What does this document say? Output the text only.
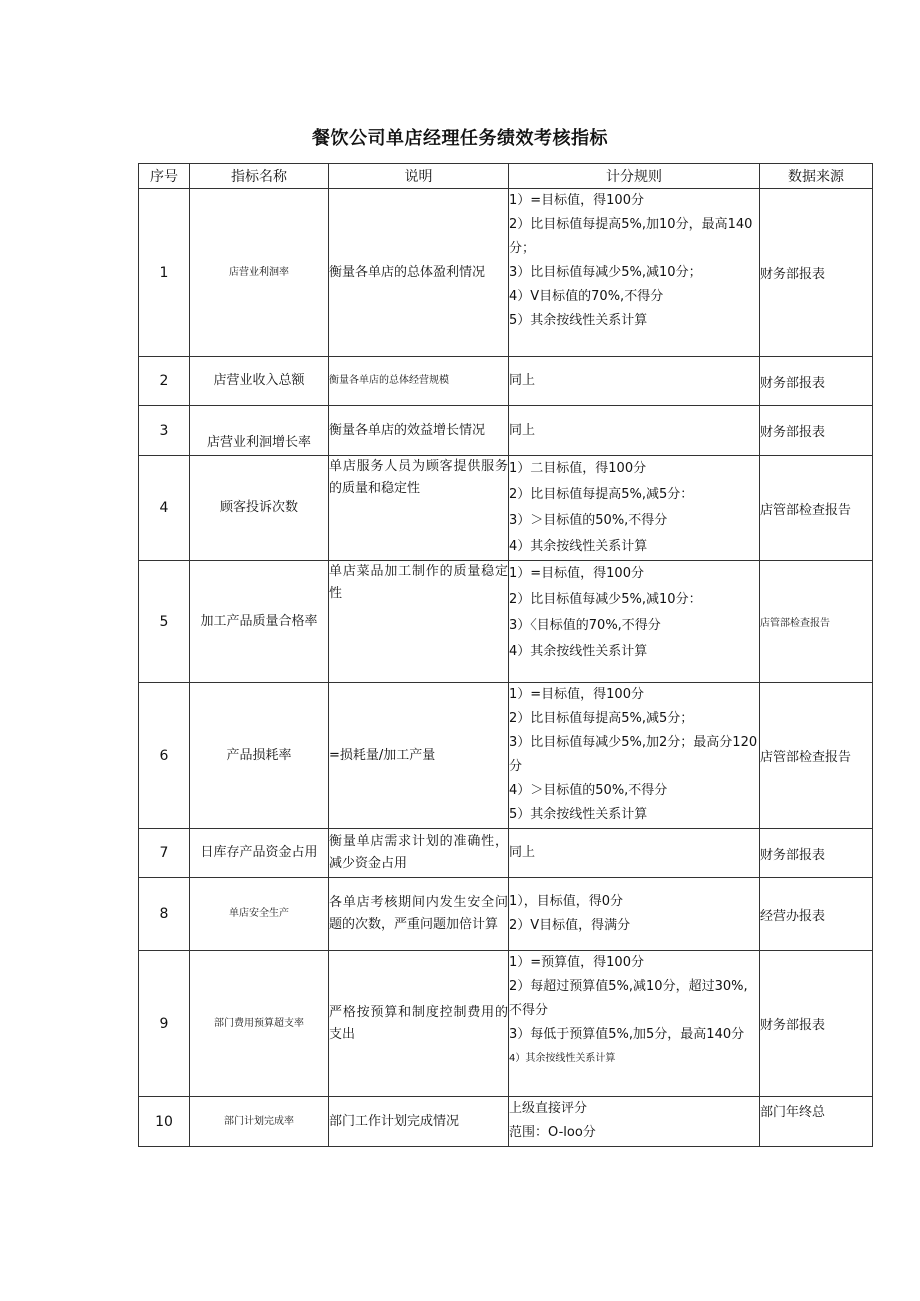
餐饮公司单店经理任务绩效考核指标
序号	指标名称	说明	计分规则	数据来源
1	店营业利洄率	衡量各单店的总体盈利情况	1）=目标值，得100分
2）比目标值每提高5%,加10分，最高140分；
3）比目标值每减少5%,减10分；
4）V目标值的70%,不得分
5）其余按线性关系计算	财务部报表
2	店营业收入总额	衡量各单店的总体经营规模	同上	财务部报表
3	店营业利洄增长率	衡量各单店的效益增长情况	同上	财务部报表
4	顾客投诉次数	单店服务人员为顾客提供服务的质量和稳定性	1）二目标值，得100分
2）比目标值每提高5%,减5分：
3）＞目标值的50%,不得分
4）其余按线性关系计算	店管部检查报告
5	加工产品质量合格率	单店菜品加工制作的质量稳定性	1）=目标值，得100分
2）比目标值每减少5%,减10分：
3）〈目标值的70%,不得分
4）其余按线性关系计算	店管部检查报告
6	产品损耗率	=损耗量/加工产量	1）=目标值，得100分
2）比目标值每提高5%,减5分；
3）比目标值每减少5%,加2分；最高分120分
4）＞目标值的50%,不得分
5）其余按线性关系计算	店管部检查报告
7	日库存产品资金占用	衡量单店需求计划的准确性，减少资金占用	同上	财务部报表
8	单店安全生产	各单店考核期间内发生安全问题的次数，严重问题加倍计算	1），目标值，得0分
2）V目标值，得满分	经营办报表
9	部门费用预算超支率	严格按预算和制度控制费用的支出	1）=预算值，得100分
2）每超过预算值5%,减10分，超过30%,不得分
3）每低于预算值5%,加5分，最高140分
4）其余按线性关系计算	财务部报表
10	部门计划完成率	部门工作计划完成情况	上级直接评分
范围：O-loo分	部门年终总
